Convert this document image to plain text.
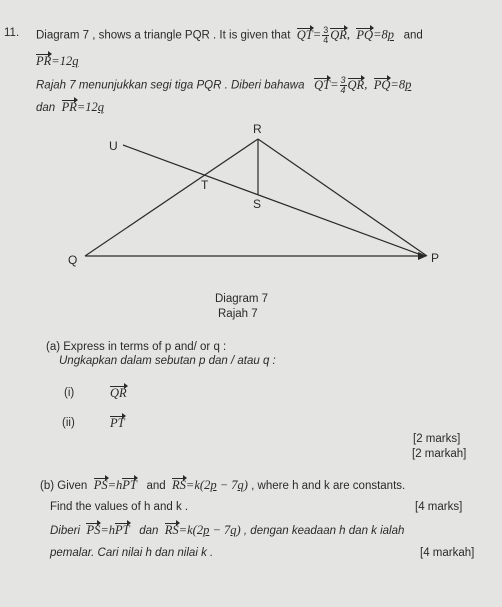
11. Diagram 7 , shows a triangle PQR . It is given that $QT= \frac{3}{4}$ QR, PQ=8p and
PR=12q
Rajah 7 menunjukkan segi tiga PQR . Diberi bahawa $QT= \frac{3}{4}$ QR, PQ=8p
dan PR=12q
R
U
T
S
Q	P
Diagram 7
Rajah 7
(a) Express in terms of p and/ or q :
Ungkapkan dalam sebutan p dan / atau q :
(i)	QR
(ii)	PT
[2 marks]
[2 markah]
(b) Given PS=hPT and RS=k(2p − 7q) , where h and k are constants.
Find the values of h and k .	[4 marks]
Diberi PS=hPT dan RS=k(2p − 7q) , dengan keadaan h dan k ialah
pemalar. Cari nilai h dan nilai k .	[4 markah]
